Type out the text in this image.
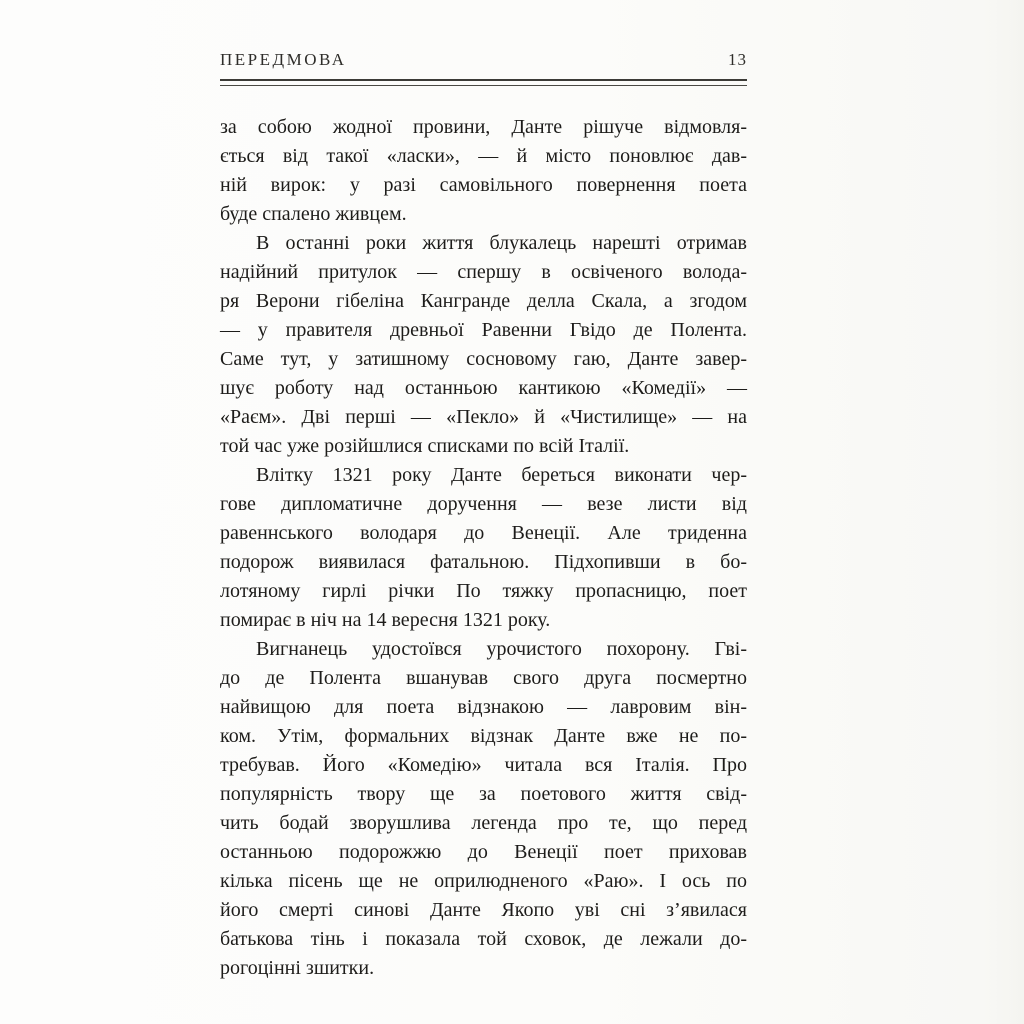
ПЕРЕДМОВА	13
за собою жодної провини, Данте рішуче відмовля-
ється від такої «ласки», — й місто поновлює дав-
ній вирок: у разі самовільного повернення поета
буде спалено живцем.
В останні роки життя блукалець нарешті отримав
надійний притулок — спершу в освіченого волода-
ря Верони гібеліна Кангранде делла Скала, а згодом
— у правителя древньої Равенни Гвідо де Полента.
Саме тут, у затишному сосновому гаю, Данте завер-
шує роботу над останньою кантикою «Комедії» —
«Раєм». Дві перші — «Пекло» й «Чистилище» — на
той час уже розійшлися списками по всій Італії.
Влітку 1321 року Данте береться виконати чер-
гове дипломатичне доручення — везе листи від
равеннського володаря до Венеції. Але триденна
подорож виявилася фатальною. Підхопивши в бо-
лотяному гирлі річки По тяжку пропасницю, поет
помирає в ніч на 14 вересня 1321 року.
Вигнанець удостоївся урочистого похорону. Гві-
до де Полента вшанував свого друга посмертно
найвищою для поета відзнакою — лавровим він-
ком. Утім, формальних відзнак Данте вже не по-
требував. Його «Комедію» читала вся Італія. Про
популярність твору ще за поетового життя свід-
чить бодай зворушлива легенда про те, що перед
останньою подорожжю до Венеції поет приховав
кілька пісень ще не оприлюдненого «Раю». І ось по
його смерті синові Данте Якопо уві сні з’явилася
батькова тінь і показала той сховок, де лежали до-
рогоцінні зшитки.
